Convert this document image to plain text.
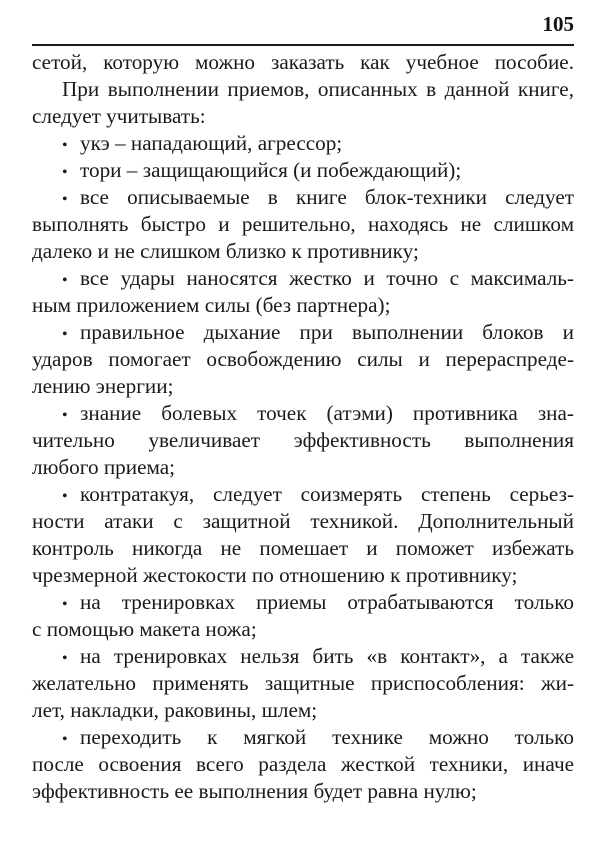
105
сетой, которую можно заказать как учебное пособие.
При выполнении приемов, описанных в данной книге,
следует учитывать:
• укэ – нападающий, агрессор;
• тори – защищающийся (и побеждающий);
• все описываемые в книге блок-техники следует
выполнять быстро и решительно, находясь не слишком
далеко и не слишком близко к противнику;
• все удары наносятся жестко и точно с максималь-
ным приложением силы (без партнера);
• правильное дыхание при выполнении блоков и
ударов помогает освобождению силы и перераспреде-
лению энергии;
• знание болевых точек (атэми) противника зна-
чительно увеличивает эффективность выполнения
любого приема;
• контратакуя, следует соизмерять степень серьез-
ности атаки с защитной техникой. Дополнительный
контроль никогда не помешает и поможет избежать
чрезмерной жестокости по отношению к противнику;
• на тренировках приемы отрабатываются только
с помощью макета ножа;
• на тренировках нельзя бить «в контакт», а также
желательно применять защитные приспособления: жи-
лет, накладки, раковины, шлем;
• переходить к мягкой технике можно только
после освоения всего раздела жесткой техники, иначе
эффективность ее выполнения будет равна нулю;
